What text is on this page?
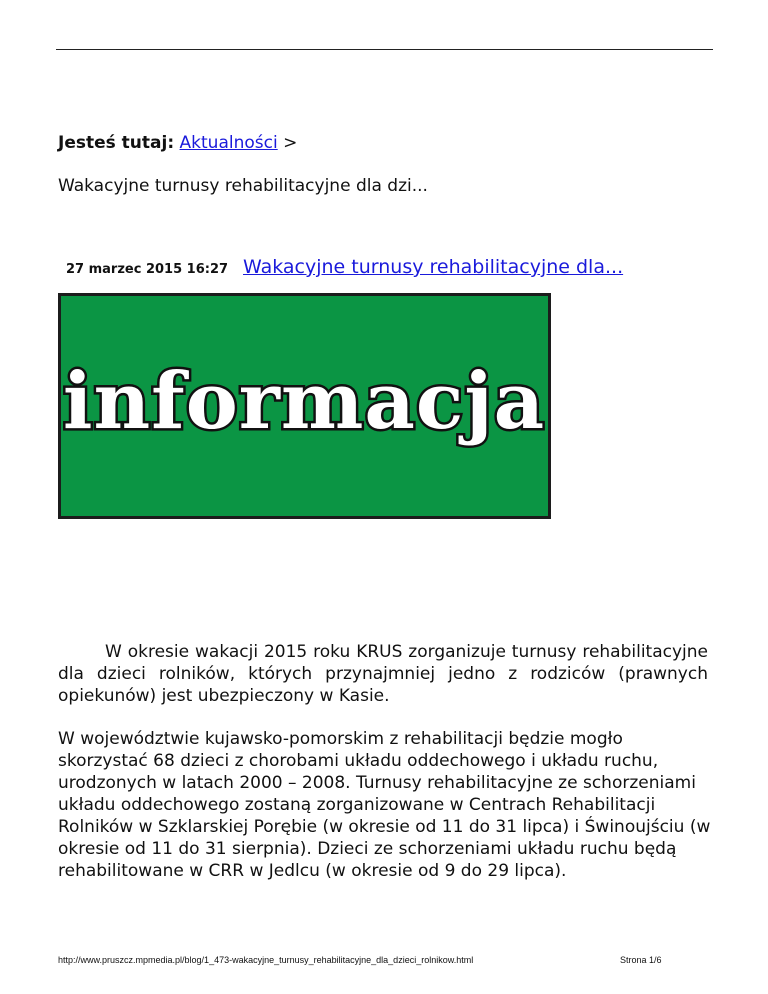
Jesteś tutaj: Aktualności >
Wakacyjne turnusy rehabilitacyjne dla dzi...
27 marzec 2015 16:27 Wakacyjne turnusy rehabilitacyjne dla...
informacja
W okresie wakacji 2015 roku KRUS zorganizuje turnusy rehabilitacyjne dla dzieci rolników, których przynajmniej jedno z rodziców (prawnych opiekunów) jest ubezpieczony w Kasie.
W województwie kujawsko-pomorskim z rehabilitacji będzie mogło skorzystać 68 dzieci z chorobami układu oddechowego i układu ruchu, urodzonych w latach 2000 – 2008. Turnusy rehabilitacyjne ze schorzeniami układu oddechowego zostaną zorganizowane w Centrach Rehabilitacji Rolników w Szklarskiej Porębie (w okresie od 11 do 31 lipca) i Świnoujściu (w okresie od 11 do 31 sierpnia). Dzieci ze schorzeniami układu ruchu będą rehabilitowane w CRR w Jedlcu (w okresie od 9 do 29 lipca).
http://www.pruszcz.mpmedia.pl/blog/1_473-wakacyjne_turnusy_rehabilitacyjne_dla_dzieci_rolnikow.html	Strona 1/6
